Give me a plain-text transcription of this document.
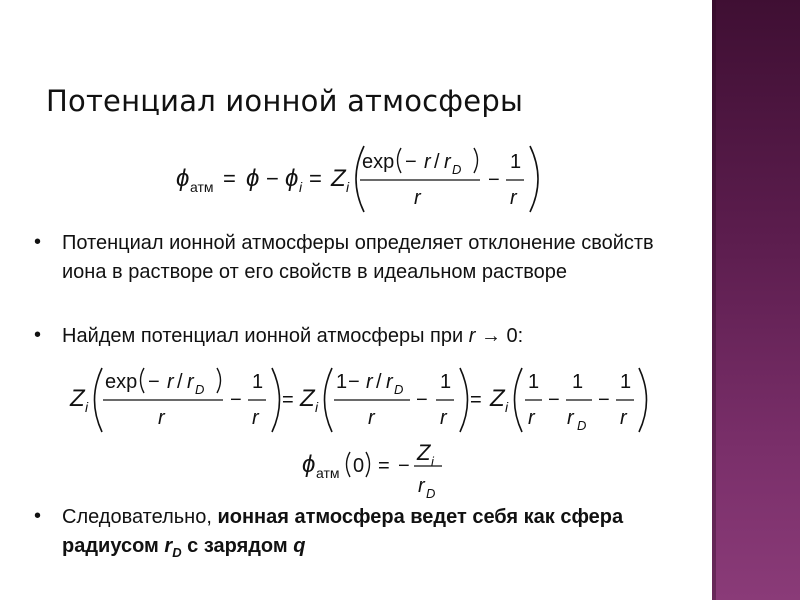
Потенциал ионной атмосферы
ϕ атм = ϕ − ϕ i = Z i
exp − r / r D
r
−
1
r
• Потенциал ионной атмосферы определяет отклонение свойств иона в растворе от его свойств в идеальном растворе
• Найдем потенциал ионной атмосферы при r → 0:
Z i
exp − r / r D
r
−
1
r
= Z i
1 − r / r D
r
−
1
r
= Z i
1
r
−
1
r D
−
1
r
ϕ атм 0 = −
Z i
r D
• Следовательно, ионная атмосфера ведет себя как сфера радиусом $r_D$ с зарядом q
